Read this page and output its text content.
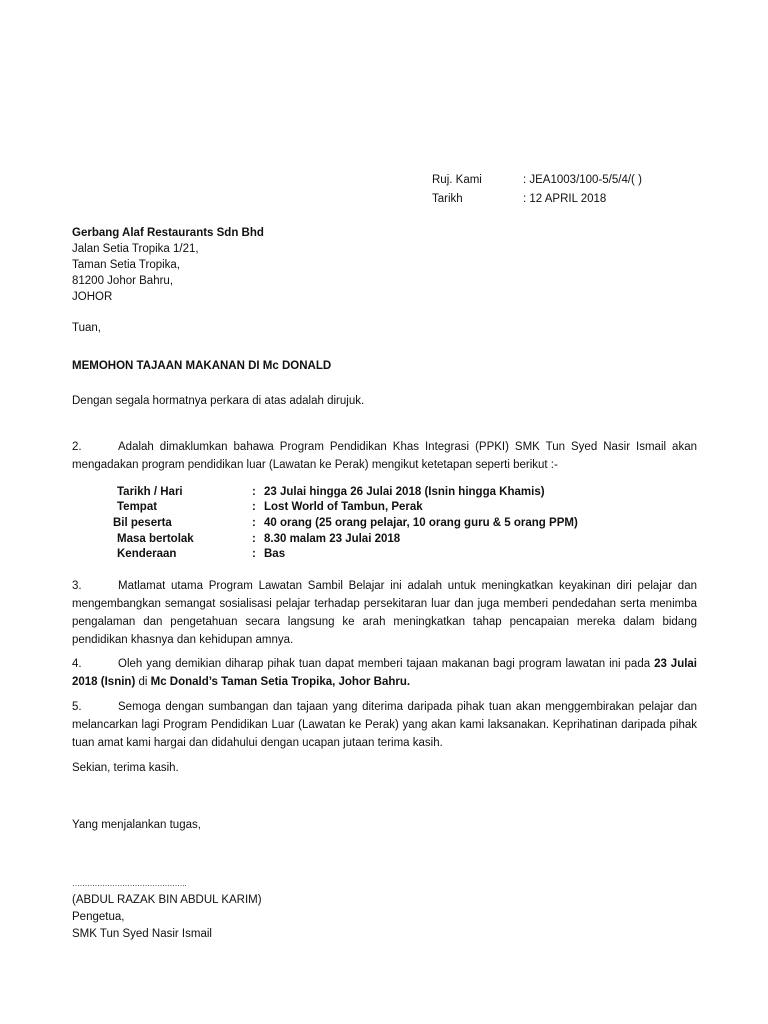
Ruj. Kami	: JEA1003/100-5/5/4/( )
Tarikh	: 12 APRIL 2018
Gerbang Alaf Restaurants Sdn Bhd
Jalan Setia Tropika 1/21,
Taman Setia Tropika,
81200 Johor Bahru,
JOHOR
Tuan,
MEMOHON TAJAAN MAKANAN DI Mc DONALD
Dengan segala hormatnya perkara di atas adalah dirujuk.
2.	Adalah dimaklumkan bahawa Program Pendidikan Khas Integrasi (PPKI) SMK Tun Syed Nasir Ismail akan mengadakan program pendidikan luar (Lawatan ke Perak) mengikut ketetapan seperti berikut :-
Tarikh / Hari	: 23 Julai hingga 26 Julai 2018 (Isnin hingga Khamis)
Tempat	: Lost World of Tambun, Perak
Bil peserta	: 40 orang (25 orang pelajar, 10 orang guru & 5 orang PPM)
Masa bertolak	: 8.30 malam 23 Julai 2018
Kenderaan	: Bas
3.	Matlamat utama Program Lawatan Sambil Belajar ini adalah untuk meningkatkan keyakinan diri pelajar dan mengembangkan semangat sosialisasi pelajar terhadap persekitaran luar dan juga memberi pendedahan serta menimba pengalaman dan pengetahuan secara langsung ke arah meningkatkan tahap pencapaian mereka dalam bidang pendidikan khasnya dan kehidupan amnya.
4.	Oleh yang demikian diharap pihak tuan dapat memberi tajaan makanan bagi program lawatan ini pada 23 Julai 2018 (Isnin) di Mc Donald’s Taman Setia Tropika, Johor Bahru.
5.	Semoga dengan sumbangan dan tajaan yang diterima daripada pihak tuan akan menggembirakan pelajar dan melancarkan lagi Program Pendidikan Luar (Lawatan ke Perak) yang akan kami laksanakan. Keprihatinan daripada pihak tuan amat kami hargai dan didahului dengan ucapan jutaan terima kasih.
Sekian, terima kasih.
Yang menjalankan tugas,
……………………………………….
(ABDUL RAZAK BIN ABDUL KARIM)
Pengetua,
SMK Tun Syed Nasir Ismail
